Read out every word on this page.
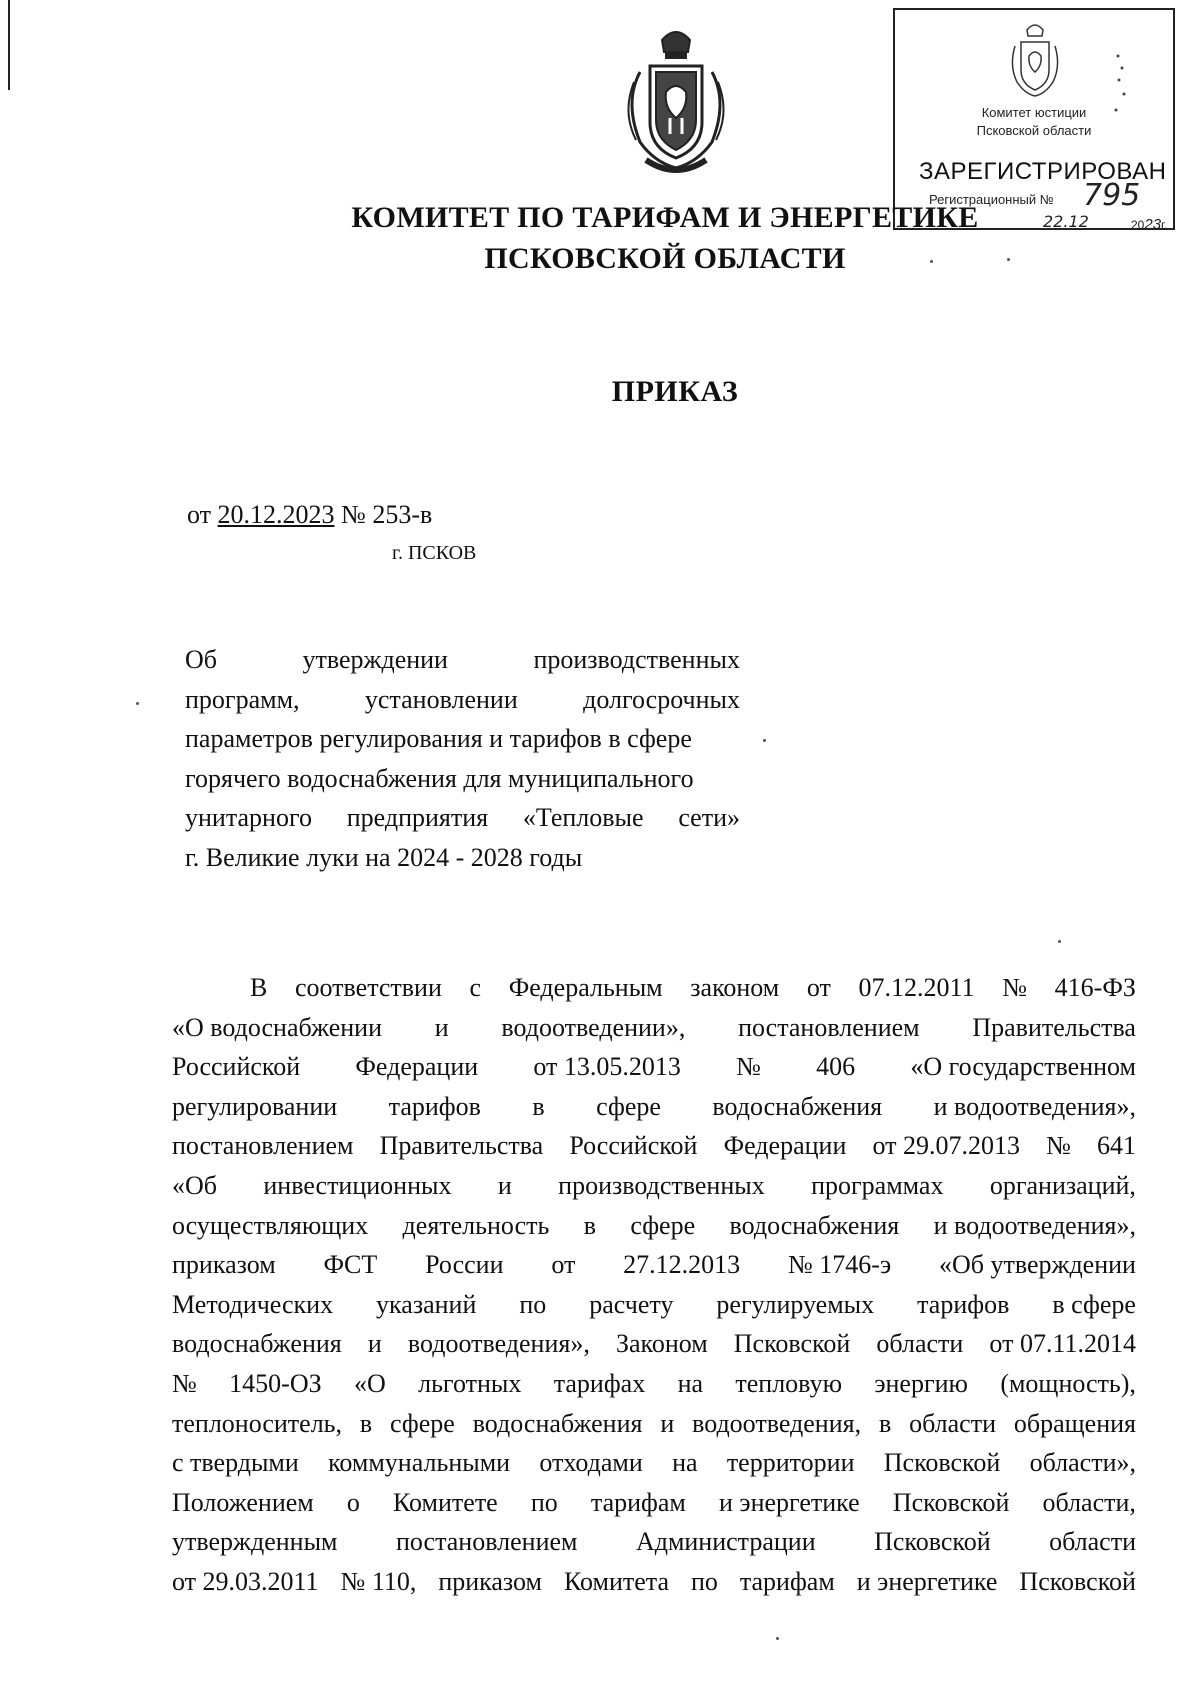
Комитет юстиции
Псковской области
ЗАРЕГИСТРИРОВАН
Регистрационный № 795
22.12	2023г.
КОМИТЕТ ПО ТАРИФАМ И ЭНЕРГЕТИКЕ
ПСКОВСКОЙ ОБЛАСТИ
ПРИКАЗ
от 20.12.2023 № 253-в
г. ПСКОВ
Об	утверждении	производственных
программ,	установлении	долгосрочных
параметров регулирования и тарифов в сфере
горячего водоснабжения для муниципального
унитарного предприятия «Тепловые сети»
г. Великие луки на 2024 - 2028 годы
В соответствии с Федеральным законом от 07.12.2011 № 416-ФЗ
«О водоснабжении и водоотведении», постановлением Правительства
Российской Федерации от 13.05.2013 № 406 «О государственном
регулировании тарифов в сфере водоснабжения и водоотведения»,
постановлением Правительства Российской Федерации от 29.07.2013 № 641
«Об инвестиционных и производственных программах организаций,
осуществляющих деятельность в сфере водоснабжения и водоотведения»,
приказом ФСТ России от 27.12.2013 № 1746-э «Об утверждении
Методических указаний по расчету регулируемых тарифов в сфере
водоснабжения и водоотведения», Законом Псковской области от 07.11.2014
№ 1450-ОЗ «О льготных тарифах на тепловую энергию (мощность),
теплоноситель, в сфере водоснабжения и водоотведения, в области обращения
с твердыми коммунальными отходами на территории Псковской области»,
Положением о Комитете по тарифам и энергетике Псковской области,
утвержденным постановлением Администрации Псковской области
от 29.03.2011 № 110, приказом Комитета по тарифам и энергетике Псковской
